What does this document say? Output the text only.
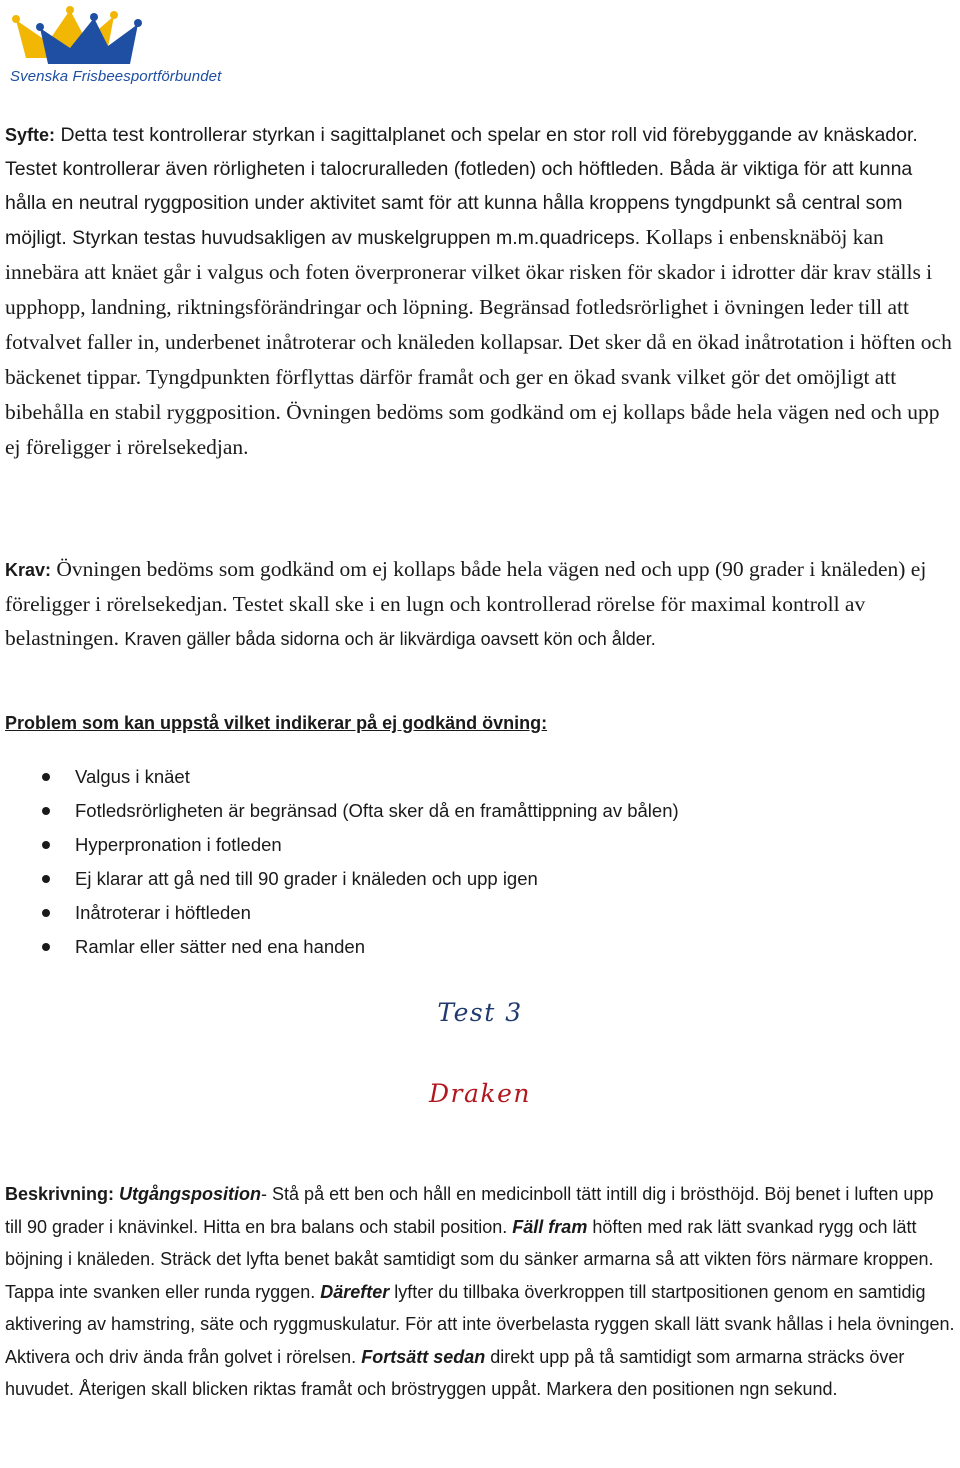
Svenska Frisbeesportförbundet

Syfte: Detta test kontrollerar styrkan i sagittalplanet och spelar en stor roll vid förebyggande av knäskador. Testet kontrollerar även rörligheten i talocruralleden (fotleden) och höftleden. Båda är viktiga för att kunna hålla en neutral ryggposition under aktivitet samt för att kunna hålla kroppens tyngdpunkt så central som möjligt. Styrkan testas huvudsakligen av muskelgruppen m.m.quadriceps. Kollaps i enbensknäböj kan innebära att knäet går i valgus och foten överpronerar vilket ökar risken för skador i idrotter där krav ställs i upphopp, landning, riktningsförändringar och löpning. Begränsad fotledsrörlighet i övningen leder till att fotvalvet faller in, underbenet inåtroterar och knäleden kollapsar. Det sker då en ökad inåtrotation i höften och bäckenet tippar. Tyngdpunkten förflyttas därför framåt och ger en ökad svank vilket gör det omöjligt att bibehålla en stabil ryggposition. Övningen bedöms som godkänd om ej kollaps både hela vägen ned och upp ej föreligger i rörelsekedjan.

Krav: Övningen bedöms som godkänd om ej kollaps både hela vägen ned och upp (90 grader i knäleden) ej föreligger i rörelsekedjan. Testet skall ske i en lugn och kontrollerad rörelse för maximal kontroll av belastningen. Kraven gäller båda sidorna och är likvärdiga oavsett kön och ålder.

Problem som kan uppstå vilket indikerar på ej godkänd övning:

Valgus i knäet
Fotledsrörligheten är begränsad (Ofta sker då en framåttippning av bålen)
Hyperpronation i fotleden
Ej klarar att gå ned till 90 grader i knäleden och upp igen
Inåtroterar i höftleden
Ramlar eller sätter ned ena handen
Test 3
Draken

Beskrivning: Utgångsposition- Stå på ett ben och håll en medicinboll tätt intill dig i brösthöjd. Böj benet i luften upp till 90 grader i knävinkel. Hitta en bra balans och stabil position. Fäll fram höften med rak lätt svankad rygg och lätt böjning i knäleden. Sträck det lyfta benet bakåt samtidigt som du sänker armarna så att vikten förs närmare kroppen. Tappa inte svanken eller runda ryggen. Därefter lyfter du tillbaka överkroppen till startpositionen genom en samtidig aktivering av hamstring, säte och ryggmuskulatur. För att inte överbelasta ryggen skall lätt svank hållas i hela övningen. Aktivera och driv ända från golvet i rörelsen. Fortsätt sedan direkt upp på tå samtidigt som armarna sträcks över huvudet. Återigen skall blicken riktas framåt och bröstryggen uppåt. Markera den positionen ngn sekund.
